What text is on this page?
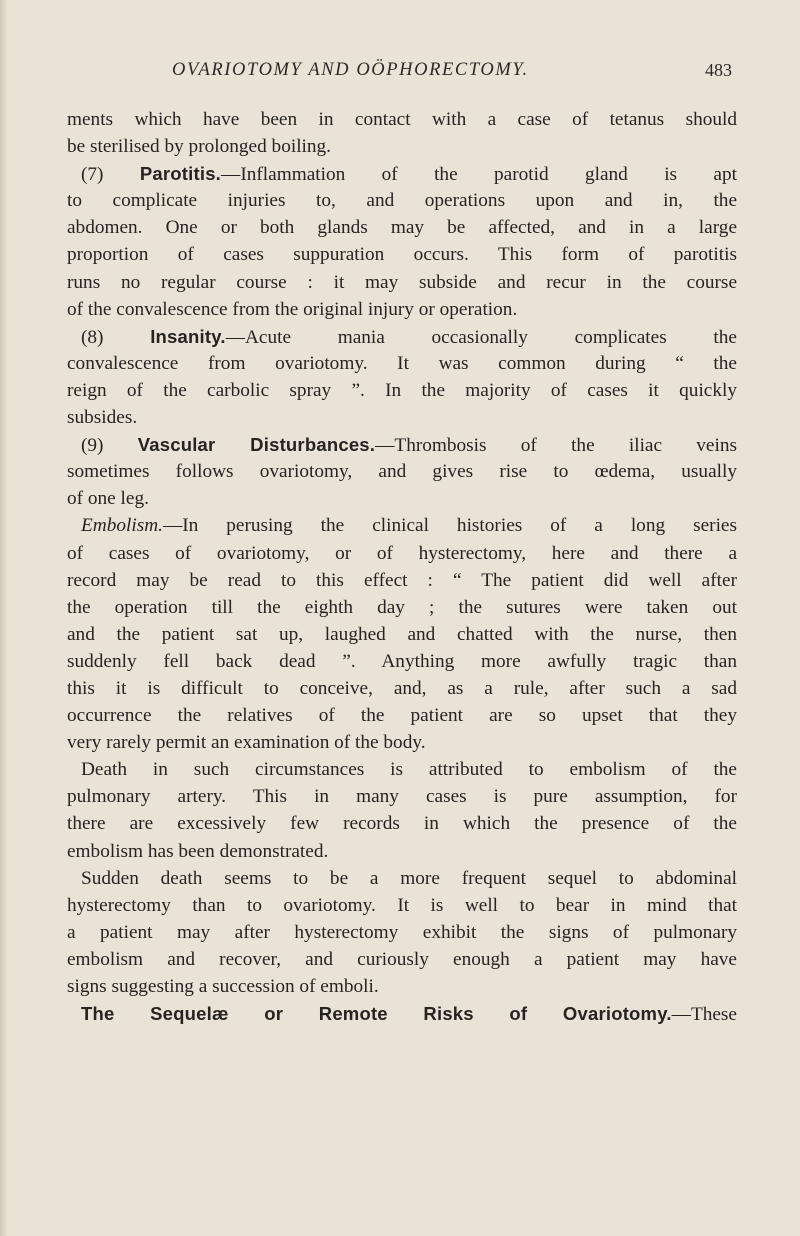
OVARIOTOMY AND OÖPHORECTOMY.	483
ments which have been in contact with a case of tetanus should
be sterilised by prolonged boiling.
(7) Parotitis.—Inflammation of the parotid gland is apt
to complicate injuries to, and operations upon and in, the
abdomen. One or both glands may be affected, and in a large
proportion of cases suppuration occurs. This form of parotitis
runs no regular course : it may subside and recur in the course
of the convalescence from the original injury or operation.
(8)	Insanity.—Acute mania occasionally complicates the
convalescence from ovariotomy. It was common during “ the
reign of the carbolic spray ”. In the majority of cases it quickly
subsides.
(9) Vascular Disturbances.—Thrombosis of the iliac veins
sometimes follows ovariotomy, and gives rise to œdema, usually
of one leg.
Embolism.—In perusing the clinical histories of a long series
of cases of ovariotomy, or of hysterectomy, here and there a
record may be read to this effect : “ The patient did well after
the operation till the eighth day ; the sutures were taken out
and the patient sat up, laughed and chatted with the nurse, then
suddenly fell back dead ”. Anything more awfully tragic than
this it is difficult to conceive, and, as a rule, after such a sad
occurrence the relatives of the patient are so upset that they
very rarely permit an examination of the body.
Death in such circumstances is attributed to embolism of the
pulmonary artery. This in many cases is pure assumption, for
there are excessively few records in which the presence of the
embolism has been demonstrated.
Sudden death seems to be a more frequent sequel to abdominal
hysterectomy than to ovariotomy. It is well to bear in mind that
a patient may after hysterectomy exhibit the signs of pulmonary
embolism and recover, and curiously enough a patient may have
signs suggesting a succession of emboli.
The Sequelæ or Remote Risks of Ovariotomy.—These
